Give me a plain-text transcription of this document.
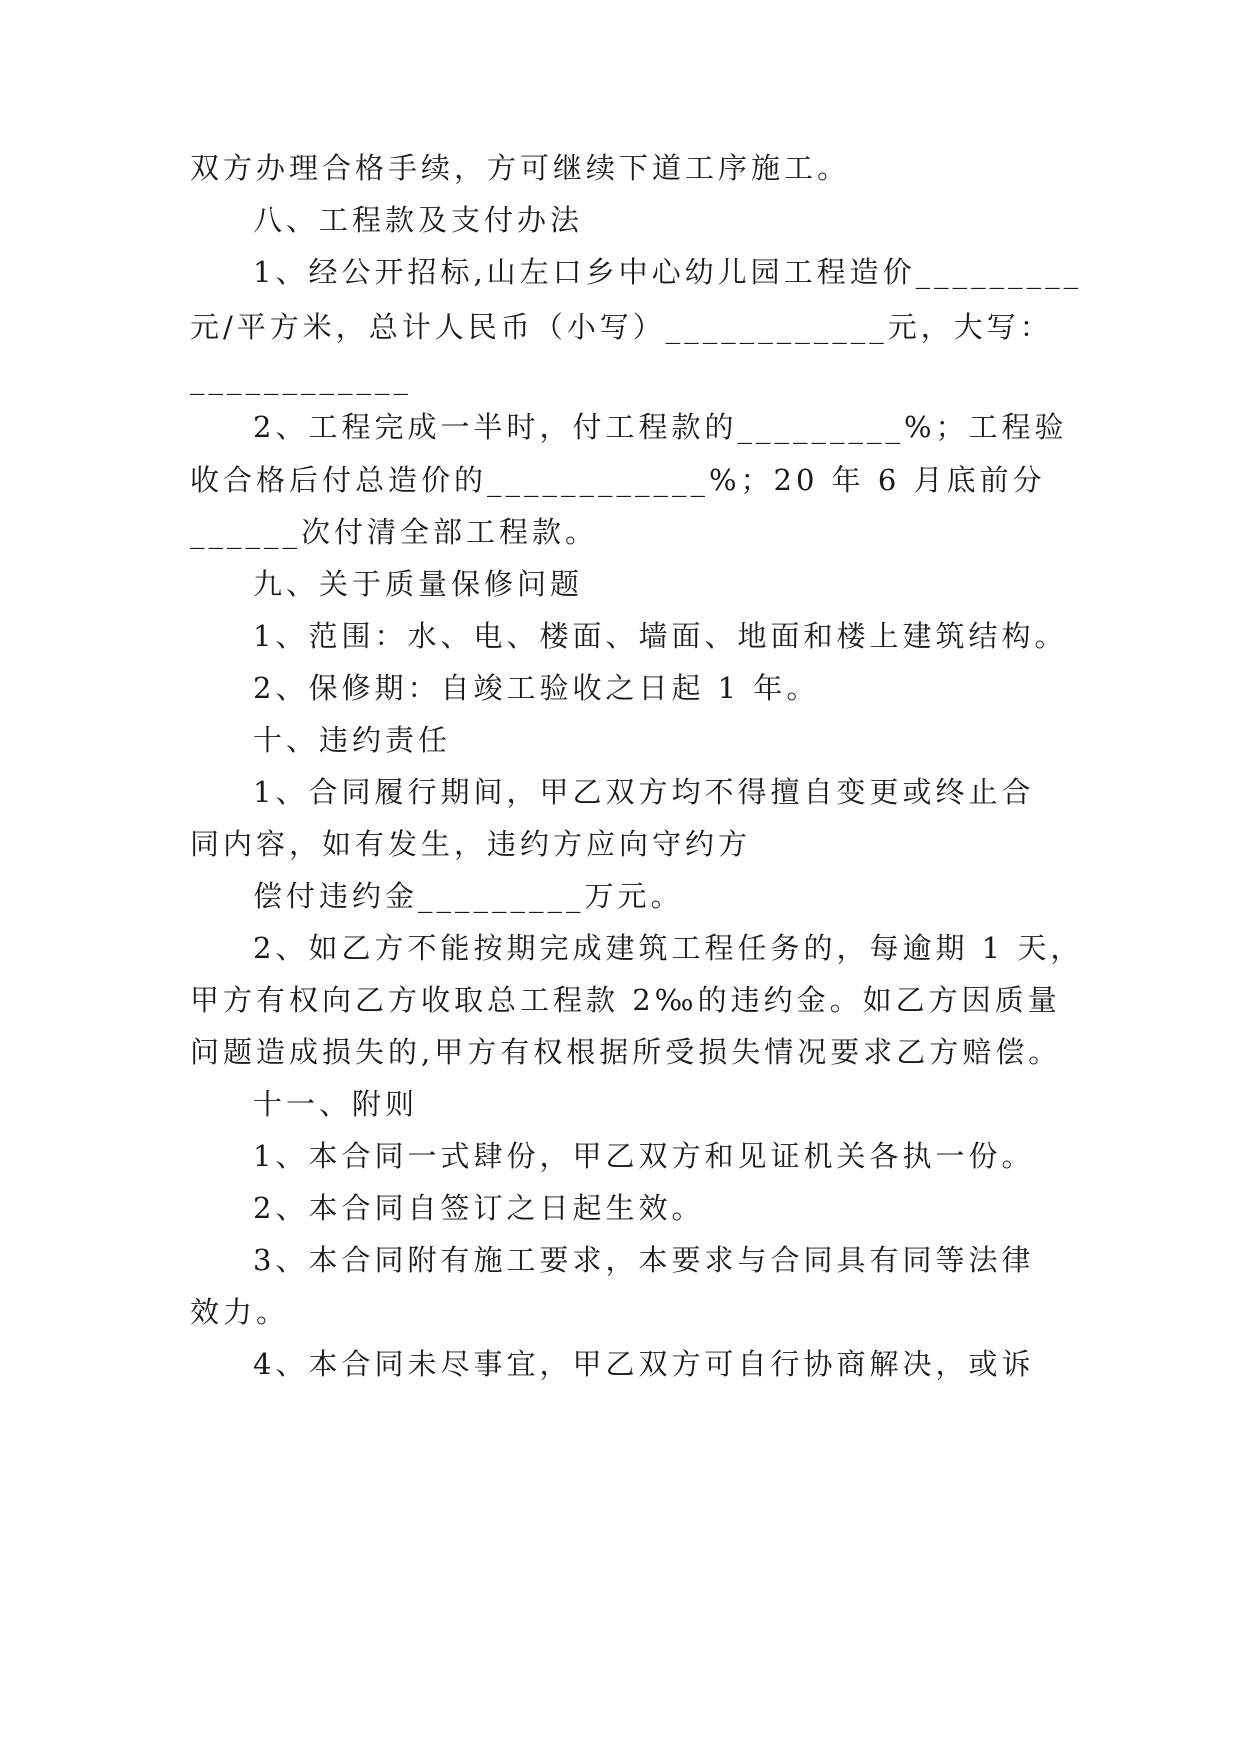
双方办理合格手续，方可继续下道工序施工。
八、工程款及支付办法
1、经公开招标,山左口乡中心幼儿园工程造价_________
元/平方米，总计人民币（小写）____________元，大写：
____________
2、工程完成一半时，付工程款的_________%；工程验
收合格后付总造价的____________%；20 年 6 月底前分
______次付清全部工程款。
九、关于质量保修问题
1、范围：水、电、楼面、墙面、地面和楼上建筑结构。
2、保修期：自竣工验收之日起 1 年。
十、违约责任
1、合同履行期间，甲乙双方均不得擅自变更或终止合
同内容，如有发生，违约方应向守约方
偿付违约金_________万元。
2、如乙方不能按期完成建筑工程任务的，每逾期 1 天，
甲方有权向乙方收取总工程款 2‰的违约金。如乙方因质量
问题造成损失的,甲方有权根据所受损失情况要求乙方赔偿。
十一、附则
1、本合同一式肆份，甲乙双方和见证机关各执一份。
2、本合同自签订之日起生效。
3、本合同附有施工要求，本要求与合同具有同等法律
效力。
4、本合同未尽事宜，甲乙双方可自行协商解决，或诉
